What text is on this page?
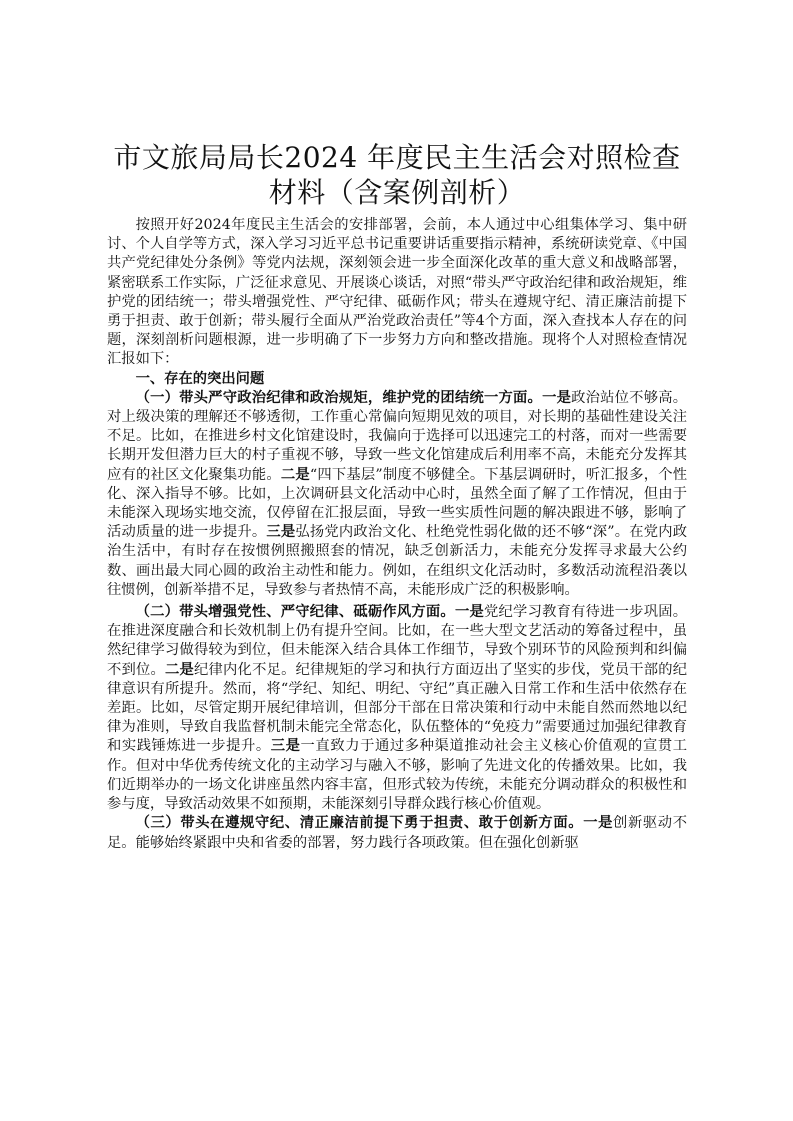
市文旅局局长2024 年度民主生活会对照检查
材料（含案例剖析）

按照开好2024年度民主生活会的安排部署，会前，本人通过中心组集体学习、集中研讨、个人自学等方式，深入学习习近平总书记重要讲话重要指示精神，系统研读党章、《中国共产党纪律处分条例》等党内法规，深刻领会进一步全面深化改革的重大意义和战略部署，紧密联系工作实际，广泛征求意见、开展谈心谈话，对照“带头严守政治纪律和政治规矩，维护党的团结统一；带头增强党性、严守纪律、砥砺作风；带头在遵规守纪、清正廉洁前提下勇于担责、敢于创新；带头履行全面从严治党政治责任”等4个方面，深入查找本人存在的问题，深刻剖析问题根源，进一步明确了下一步努力方向和整改措施。现将个人对照检查情况汇报如下：

一、存在的突出问题

（一）带头严守政治纪律和政治规矩，维护党的团结统一方面。一是政治站位不够高。对上级决策的理解还不够透彻，工作重心常偏向短期见效的项目，对长期的基础性建设关注不足。比如，在推进乡村文化馆建设时，我偏向于选择可以迅速完工的村落，而对一些需要长期开发但潜力巨大的村子重视不够，导致一些文化馆建成后利用率不高，未能充分发挥其应有的社区文化聚集功能。二是“四下基层”制度不够健全。下基层调研时，听汇报多，个性化、深入指导不够。比如，上次调研县文化活动中心时，虽然全面了解了工作情况，但由于未能深入现场实地交流，仅停留在汇报层面，导致一些实质性问题的解决跟进不够，影响了活动质量的进一步提升。三是弘扬党内政治文化、杜绝党性弱化做的还不够“深”。在党内政治生活中，有时存在按惯例照搬照套的情况，缺乏创新活力，未能充分发挥寻求最大公约数、画出最大同心圆的政治主动性和能力。例如，在组织文化活动时，多数活动流程沿袭以往惯例，创新举措不足，导致参与者热情不高，未能形成广泛的积极影响。

（二）带头增强党性、严守纪律、砥砺作风方面。一是党纪学习教育有待进一步巩固。在推进深度融合和长效机制上仍有提升空间。比如，在一些大型文艺活动的筹备过程中，虽然纪律学习做得较为到位，但未能深入结合具体工作细节，导致个别环节的风险预判和纠偏不到位。二是纪律内化不足。纪律规矩的学习和执行方面迈出了坚实的步伐，党员干部的纪律意识有所提升。然而，将“学纪、知纪、明纪、守纪”真正融入日常工作和生活中依然存在差距。比如，尽管定期开展纪律培训，但部分干部在日常决策和行动中未能自然而然地以纪律为准则，导致自我监督机制未能完全常态化，队伍整体的“免疫力”需要通过加强纪律教育和实践锤炼进一步提升。三是一直致力于通过多种渠道推动社会主义核心价值观的宣贯工作。但对中华优秀传统文化的主动学习与融入不够，影响了先进文化的传播效果。比如，我们近期举办的一场文化讲座虽然内容丰富，但形式较为传统，未能充分调动群众的积极性和参与度，导致活动效果不如预期，未能深刻引导群众践行核心价值观。

（三）带头在遵规守纪、清正廉洁前提下勇于担责、敢于创新方面。一是创新驱动不足。能够始终紧跟中央和省委的部署，努力践行各项政策。但在强化创新驱
